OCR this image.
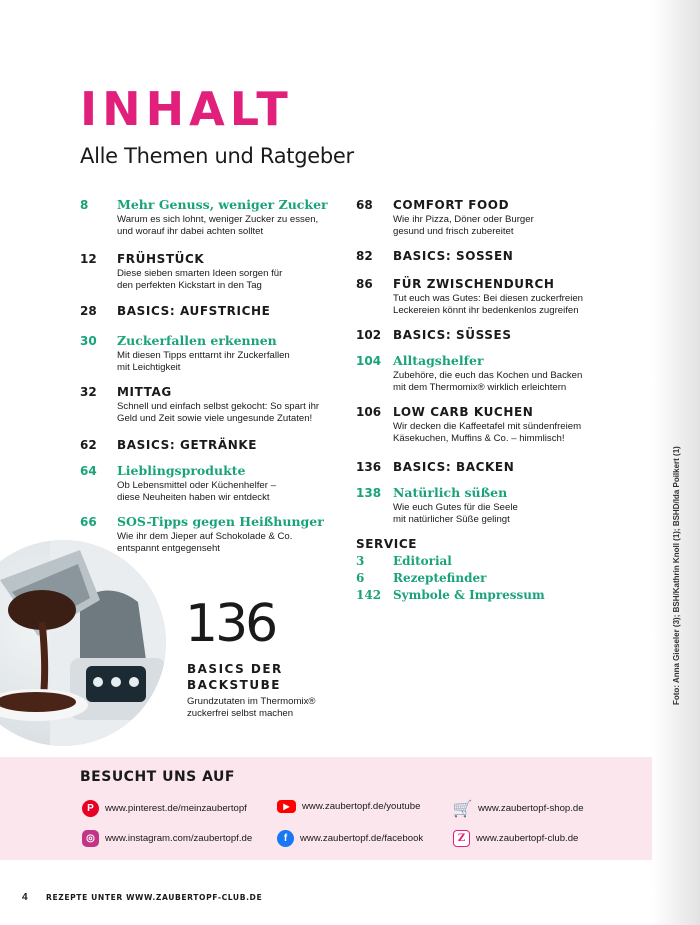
INHALT
Alle Themen und Ratgeber
8 Mehr Genuss, weniger Zucker
Warum es sich lohnt, weniger Zucker zu essen,
und worauf ihr dabei achten solltet
12 FRÜHSTÜCK
Diese sieben smarten Ideen sorgen für
den perfekten Kickstart in den Tag
28 BASICS: AUFSTRICHE
30 Zuckerfallen erkennen
Mit diesen Tipps enttarnt ihr Zuckerfallen
mit Leichtigkeit
32 MITTAG
Schnell und einfach selbst gekocht: So spart ihr
Geld und Zeit sowie viele ungesunde Zutaten!
62 BASICS: GETRÄNKE
64 Lieblingsprodukte
Ob Lebensmittel oder Küchenhelfer –
diese Neuheiten haben wir entdeckt
66 SOS-Tipps gegen Heißhunger
Wie ihr dem Jieper auf Schokolade & Co.
entspannt entgegenseht
68 COMFORT FOOD
Wie ihr Pizza, Döner oder Burger
gesund und frisch zubereitet
82 BASICS: SOSSEN
86 FÜR ZWISCHENDURCH
Tut euch was Gutes: Bei diesen zuckerfreien
Leckereien könnt ihr bedenkenlos zugreifen
102 BASICS: SÜSSES
104 Alltagshelfer
Zubehöre, die euch das Kochen und Backen
mit dem Thermomix® wirklich erleichtern
106 LOW CARB KUCHEN
Wir decken die Kaffeetafel mit sündenfreiem
Käsekuchen, Muffins & Co. – himmlisch!
136 BASICS: BACKEN
138 Natürlich süßen
Wie euch Gutes für die Seele
mit natürlicher Süße gelingt
SERVICE
3 Editorial
6 Rezeptefinder
142 Symbole & Impressum
136
BASICS DER
BACKSTUBE
Grundzutaten im Thermomix®
zuckerfrei selbst machen
Foto: Anna Gieseler (3); BSH/Kathrin Knoll (1); BSHD/Ida Poilkert (1)
BESUCHT UNS AUF
P	www.pinterest.de/meinzaubertopf	▶	www.zaubertopf.de/youtube 🛒 www.zaubertopf-shop.de
◎	www.instagram.com/zaubertopf.de	f	www.zaubertopf.de/facebook	Z	www.zaubertopf-club.de
4 REZEPTE UNTER WWW.ZAUBERTOPF-CLUB.DE
